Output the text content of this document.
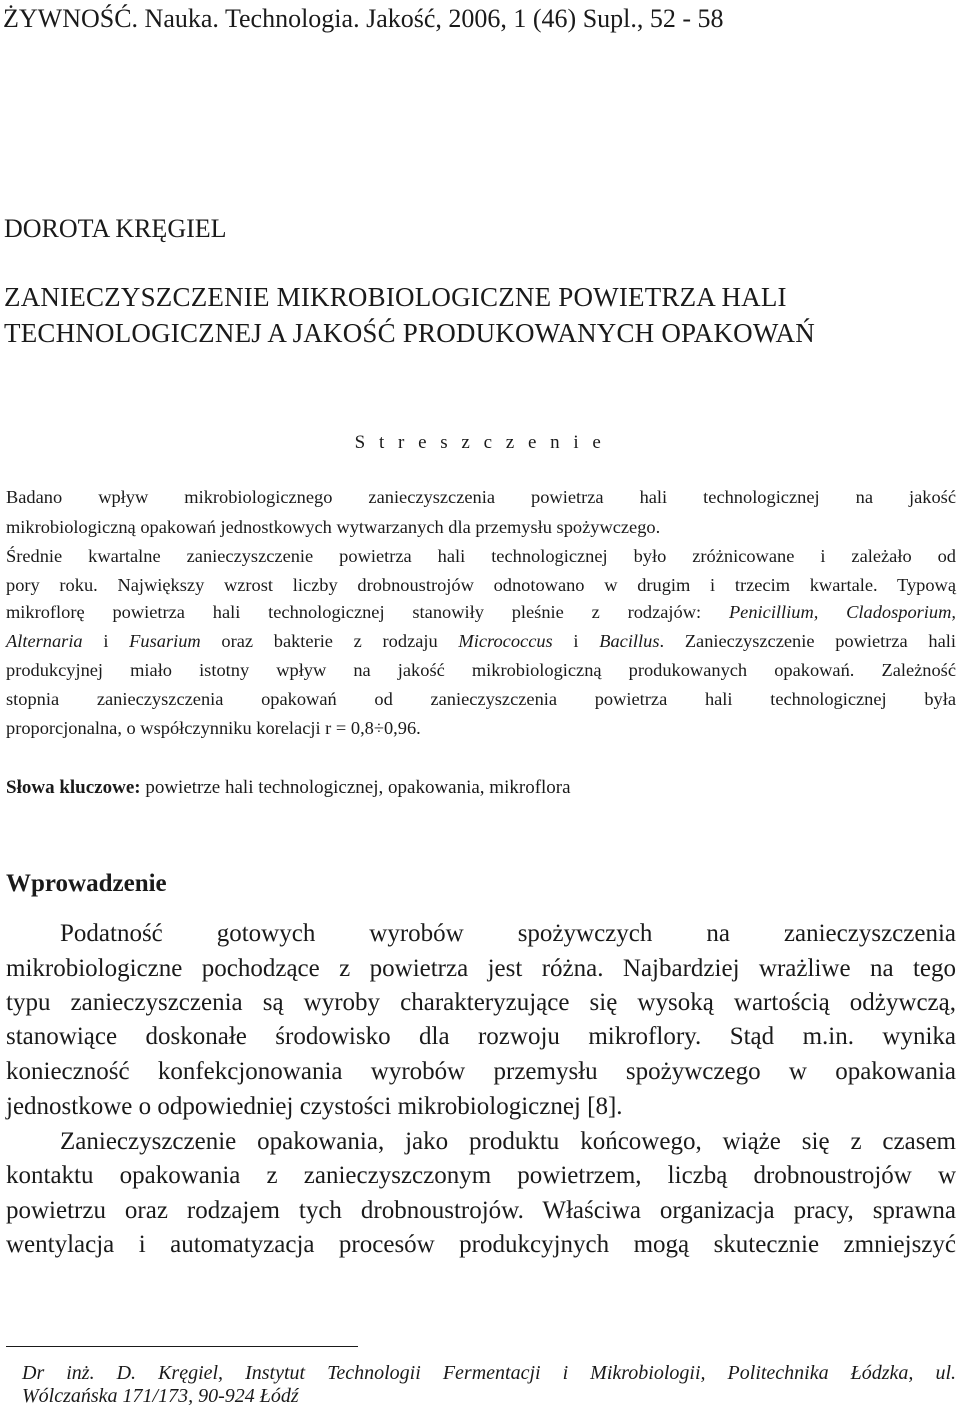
ŻYWNOŚĆ. Nauka. Technologia. Jakość, 2006, 1 (46) Supl., 52 - 58
DOROTA KRĘGIEL
ZANIECZYSZCZENIE MIKROBIOLOGICZNE POWIETRZA HALI
TECHNOLOGICZNEJ A JAKOŚĆ PRODUKOWANYCH OPAKOWAŃ
S t r e s z c z e n i e
Badano wpływ mikrobiologicznego zanieczyszczenia powietrza hali technologicznej na jakość
mikrobiologiczną opakowań jednostkowych wytwarzanych dla przemysłu spożywczego.
Średnie kwartalne zanieczyszczenie powietrza hali technologicznej było zróżnicowane i zależało od
pory roku. Największy wzrost liczby drobnoustrojów odnotowano w drugim i trzecim kwartale. Typową
mikroflorę powietrza hali technologicznej stanowiły pleśnie z rodzajów: Penicillium, Cladosporium,
Alternaria i Fusarium oraz bakterie z rodzaju Micrococcus i Bacillus. Zanieczyszczenie powietrza hali
produkcyjnej miało istotny wpływ na jakość mikrobiologiczną produkowanych opakowań. Zależność
stopnia zanieczyszczenia opakowań od zanieczyszczenia powietrza hali technologicznej była
proporcjonalna, o współczynniku korelacji r = 0,8÷0,96.
Słowa kluczowe: powietrze hali technologicznej, opakowania, mikroflora
Wprowadzenie
Podatność gotowych wyrobów spożywczych na zanieczyszczenia
mikrobiologiczne pochodzące z powietrza jest różna. Najbardziej wrażliwe na tego
typu zanieczyszczenia są wyroby charakteryzujące się wysoką wartością odżywczą,
stanowiące doskonałe środowisko dla rozwoju mikroflory. Stąd m.in. wynika
konieczność konfekcjonowania wyrobów przemysłu spożywczego w opakowania
jednostkowe o odpowiedniej czystości mikrobiologicznej [8].
Zanieczyszczenie opakowania, jako produktu końcowego, wiąże się z czasem
kontaktu opakowania z zanieczyszczonym powietrzem, liczbą drobnoustrojów w
powietrzu oraz rodzajem tych drobnoustrojów. Właściwa organizacja pracy, sprawna
wentylacja i automatyzacja procesów produkcyjnych mogą skutecznie zmniejszyć
Dr inż. D. Kręgiel, Instytut Technologii Fermentacji i Mikrobiologii, Politechnika Łódzka, ul.
Wólczańska 171/173, 90-924 Łódź
